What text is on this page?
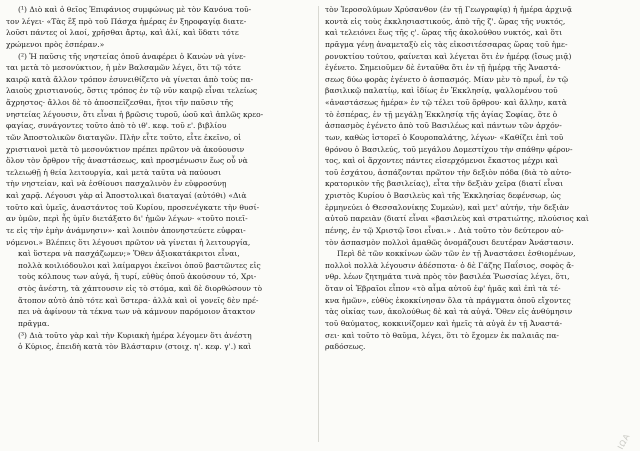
(¹) Διὸ καὶ ὁ θεῖος Ἐπιφάνιος συμφώνως μὲ τὸν Κανόνα τοῦ-
τον λέγει· «Τὰς ἓξ πρὸ τοῦ Πάσχα ἡμέρας ἐν ξηροφαγίᾳ διατε-
λοῦσι πάντες οἱ λαοί, χρῆσθαι ἄρτῳ, καὶ ἁλί, καὶ ὕδατι τότε
χρώμενοι πρὸς ἑσπέραν.»
(²) Ἡ παῦσις τῆς νηστείας ὁποῦ ἀναφέρει ὁ Κανὼν νὰ γίνε-
ται μετὰ τὸ μεσονύκτιον, ἡ μὲν Βαλσαμῶν λέγει, ὅτι τῷ τότε
καιρῷ κατὰ ἄλλον τρόπον ἐσυνειθίζετο νὰ γίνεται ἀπὸ τοὺς πα-
λαιοὺς χριστιανούς, ὅστις τρόπος ἐν τῷ νῦν καιρῷ εἶναι τελείως
ἄχρηστος· ἄλλοι δὲ τὸ ἀποσπεῖζεσθαι, ἤτοι τῆν παῦσιν τῆς
νηστείας λέγουσιν, ὅτι εἶναι ἡ βρῶσις τυροῦ, ὠοῦ καὶ ἁπλῶς κρεο-
φαγίας, συνάγοντες τοῦτο ἀπὸ τὸ ιθ'. κεφ. τοῦ ε'. βιβλίου
τῶν Ἀποστολικῶν διαταγῶν. Πλὴν εἶτε τοῦτο, εἶτε ἐκεῖνο, οἱ
χριστιανοὶ μετὰ τὸ μεσονύκτιον πρέπει πρῶτον νὰ ἀκούουσιν
ὅλον τὸν ὄρθρον τῆς ἀναστάσεως, καὶ προσμένωσιν ἕως οὗ νὰ
τελειωθῇ ἡ θεία λειτουργία, καὶ μετὰ ταῦτα νὰ παύουσι
τὴν νηστείαν, καὶ νὰ ἐσθίουσι πασχαλινὸν ἐν εὐφροσύνῃ
καὶ χαρᾷ. Λέγουσι γὰρ αἱ Ἀποστολικαὶ διαταγαί (αὐτόθι) «Διὰ
τοῦτο καὶ ὑμεῖς, ἀναστάντος τοῦ Κυρίου, προσενέγκατε τὴν θυσί-
αν ὑμῶν, περὶ ἧς ὑμῖν διετάξατο δι' ἡμῶν λέγων· «τοῦτο ποιεῖ-
τε εἰς τὴν ἐμὴν ἀνάμνησιν»· καὶ λοιπὸν ἀπονηστεύετε εὐφραι-
νόμενοι.» Βλέπεις ὅτι λέγουσι πρῶτον νὰ γίνεται ἡ λειτουργία,
καὶ ὕστερα νὰ πασχάζωμεν;» Ὅθεν ἀξιοκατάκριτοι εἶναι,
πολλὰ κοιλιόδουλοι καὶ λαίμαργοι ἐκεῖνοι ὁποῦ βαστῶντες εἰς
τοὺς κόλπους των αὐγά, ἢ τυρί, εὐθὺς ὁποῦ ἀκούσουν τό, Χρι-
στὸς ἀνέστη, τὰ χάπτουσιν εἰς τὸ στόμα, καὶ δὲ διορθώσουν τὸ
ἄτοπον αὐτὸ ἀπὸ τότε καὶ ὕστερα· ἀλλὰ καὶ οἱ γονεῖς δὲν πρέ-
πει νὰ ἀφίνουν τὰ τέκνα των νὰ κάμνουν παρόμοιον ἄτακτον
πρᾶγμα.
(³) Διὰ τοῦτο γὰρ καὶ τὴν Κυριακὴ ἡμέρα λέγομεν ὅτι ἀνέστη
ὁ Κύριος, ἐπειδὴ κατὰ τὸν Βλάσταριν (στοιχ. η'. κεφ. γ'.) καὶ
τὸν Ἱεροσολύμων Χρύσανθον (ἐν τῇ Γεωγραφίᾳ) ἡ ἡμέρα ἀρχινᾷ
κοντὰ εἰς τοὺς ἐκκλησιαστικούς, ἀπὸ τῆς ζ'. ὥρας τῆς νυκτός,
καὶ τελειόνει ἕως τῆς ς'. ὥρας τῆς ἀκολούθου νυκτός, καὶ ὅτι
πρᾶγμα γένῃ ἀναμεταξὺ εἰς τὰς εἰκοσιτέσσαρας ὥρας τοῦ ἡμε-
ρονυκτίου τούτου, φαίνεται καὶ λέγεται ὅτι ἐν ἡμέρᾳ (ἴσως μιᾷ)
ἐγένετο. Σημειοῦμεν δὲ ἐνταῦθα ὅτι ἐν τῇ ἡμέρᾳ τῆς Ἀναστά-
σεως δύω φορὰς ἐγένετο ὁ ἀσπασμός. Μίαν μὲν τὸ πρωΐ, ἐν τῷ
βασιλικῷ παλατίῳ, καὶ ἰδίως ἐν Ἐκκλησίᾳ, ψαλλομένου τοῦ
«ἀναστάσεως ἡμέρα» ἐν τῷ τέλει τοῦ ὄρθρου· καὶ ἄλλην, κατὰ
τὸ ἑσπέρας, ἐν τῇ μεγάλῃ Ἐκκλησίᾳ τῆς ἁγίας Σοφίας, ὅτε ὁ
ἀσπασμὸς ἐγένετο ἀπὸ τοῦ Βασιλέως καὶ πάντων τῶν ἀρχόν-
των, καθὼς ἱστορεῖ ὁ Κουροπαλάτης, λέγων· «Καθίζει ἐπὶ τοῦ
θρόνου ὁ Βασιλεύς, τοῦ μεγάλου Δομεστίχου τὴν σπάθην φέρον-
τος, καὶ οἱ ἄρχοντες πάντες εἰσερχόμενοι ἕκαστος μέχρι καὶ
τοῦ ἐσχάτου, ἀσπάζονται πρῶτον τὴν δεξιὸν πόδα (διὰ τὸ αὐτο-
κρατορικὸν τῆς βασιλείας), εἶτα τὴν δεξιὰν χεῖρα (διατί εἶναι
χριστὸς Κυρίου ὁ Βασιλεὺς καὶ τῆς Ἐκκλησίας δεφένσωρ, ὡς
ἑρμηνεύει ὁ Θεσσαλονίκης Συμεών), καὶ μετ' αὐτήν, τὴν δεξιὰν
αὐτοῦ παρειὰν (διατί εἶναι «βασιλεὺς καὶ στρατιώτης, πλούσιος καὶ
πένης, ἐν τῷ Χριστῷ ἴσοι εἶναι.» . Διὰ τοῦτο τὸν δεύτερον αὐ-
τὸν ἀσπασμὸν πολλοὶ ἀμαθῶς ὀνομάζουσι δευτέραν Ἀνάστασιν.
Περὶ δὲ τῶν κοκκίνων ὠῶν τῶν ἐν τῇ Ἀναστάσει ἐσθιομένων,
πολλοὶ πολλὰ λέγουσιν ἀδέσποτα· ὁ δὲ Γάζης Παΐσιος, σοφὸς ἄ-
νθρ. λέων ζητημάτα τινὰ πρὸς τὸν βασιλέα Ῥωσσίας λέγει, ὅτι,
ὅταν οἱ Ἑβραῖοι εἶπον «τὸ αἷμα αὐτοῦ ἐφ' ἡμᾶς καὶ ἐπὶ τὰ τέ-
κνα ἡμῶν», εὐθὺς ἐκοκκίνησαν ὅλα τὰ πράγματα ὁποῦ εἴχοντες
τὰς οἰκίας των, ἀκολούθως δὲ καὶ τὰ αὐγά. Ὅθεν εἰς ἀνθύμησιν
τοῦ θαύματος, κοκκινίζομεν καὶ ἡμεῖς τὰ αὐγὰ ἐν τῇ Ἀναστά-
σει· καὶ τοῦτο τὸ θαῦμα, λέγει, ὅτι τὸ ἔχομεν ἐκ παλαιᾶς πα-
ραδόσεως.
ΙΩΑ
